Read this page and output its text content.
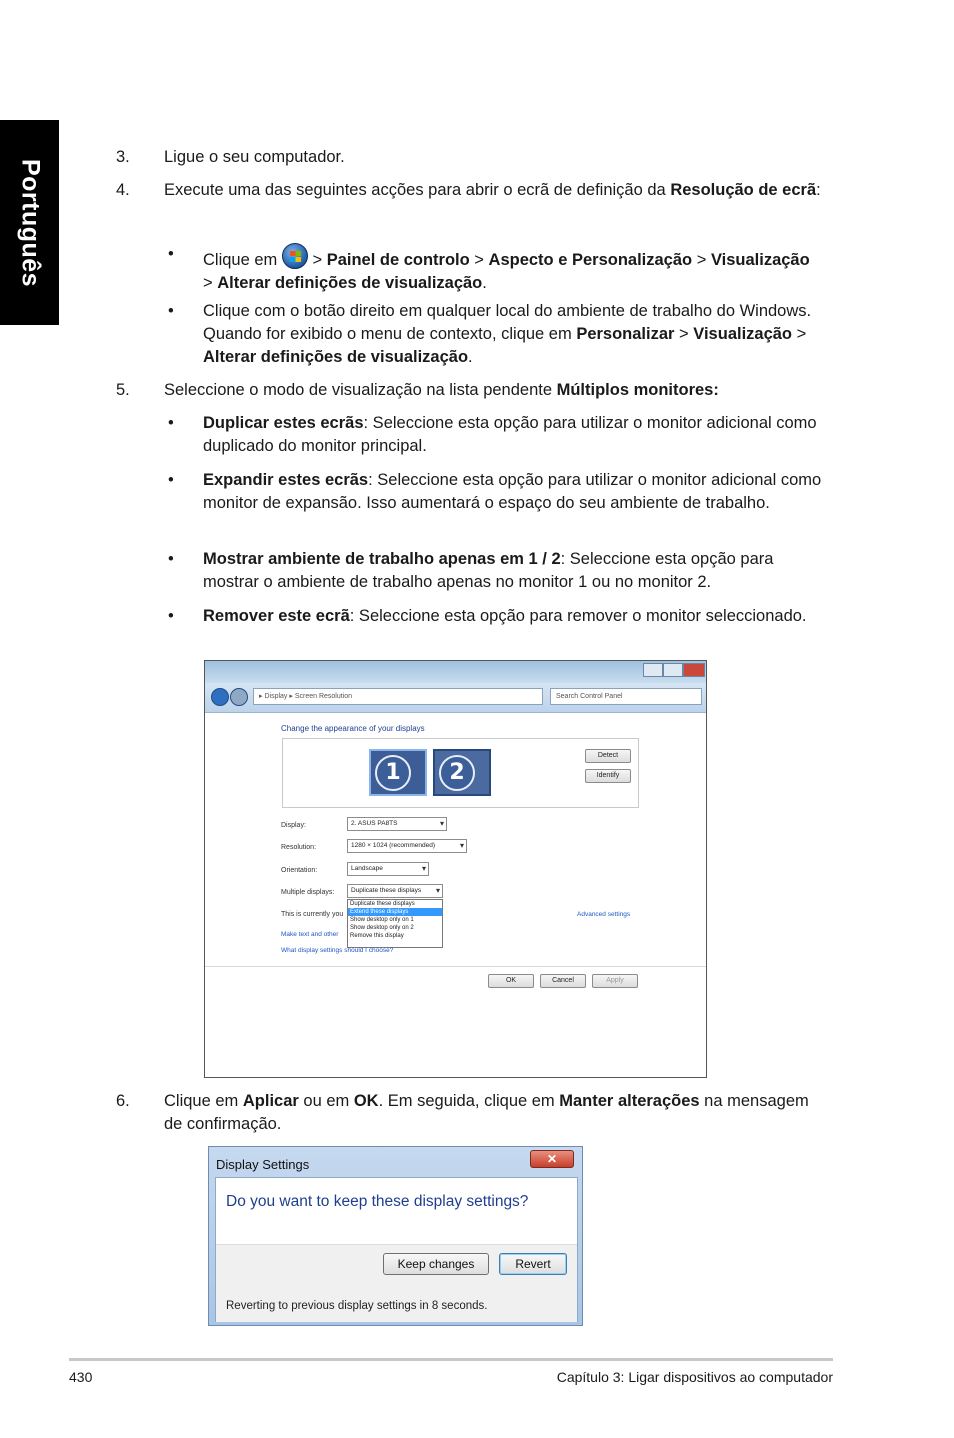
Português
3. Ligue o seu computador.
4. Execute uma das seguintes acções para abrir o ecrã de definição da Resolução de ecrã:
• Clique em  > Painel de controlo > Aspecto e Personalização > Visualização > Alterar definições de visualização.
• Clique com o botão direito em qualquer local do ambiente de trabalho do Windows. Quando for exibido o menu de contexto, clique em Personalizar > Visualização > Alterar definições de visualização.
5. Seleccione o modo de visualização na lista pendente Múltiplos monitores:
• Duplicar estes ecrãs: Seleccione esta opção para utilizar o monitor adicional como duplicado do monitor principal.
• Expandir estes ecrãs: Seleccione esta opção para utilizar o monitor adicional como monitor de expansão. Isso aumentará o espaço do seu ambiente de trabalho.
• Mostrar ambiente de trabalho apenas em 1 / 2: Seleccione esta opção para mostrar o ambiente de trabalho apenas no monitor 1 ou no monitor 2.
• Remover este ecrã: Seleccione esta opção para remover o monitor seleccionado.
▸ Display ▸ Screen Resolution	Search Control Panel
Change the appearance of your displays
1	2
Detect
Identify
Display:	2. ASUS PA8TS ▾
Resolution:	1280 × 1024 (recommended) ▾
Orientation:	Landscape ▾
Multiple displays:	Duplicate these displays ▾
Duplicate these displays
Extend these displays
Show desktop only on 1
Show desktop only on 2
Remove this display
This is currently you	Advanced settings
Make text and other
What display settings should I choose?
OK	Cancel	Apply
6. Clique em Aplicar ou em OK. Em seguida, clique em Manter alterações na mensagem de confirmação.
Display Settings	✕
Do you want to keep these display settings?
Keep changes	Revert
Reverting to previous display settings in 8 seconds.
430	Capítulo 3: Ligar dispositivos ao computador
